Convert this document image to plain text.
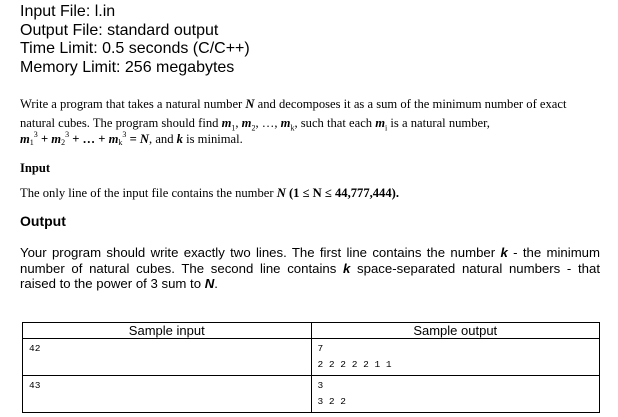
Input File: l.in
Output File: standard output
Time Limit: 0.5 seconds (C/C++)
Memory Limit: 256 megabytes
Write a program that takes a natural number N and decomposes it as a sum of the minimum number of exact natural cubes. The program should find $m_1$, $m_2$, …, $m_k$, such that each $m_i$ is a natural number,
$m_1^3 + m_2^3$ + … + $m_k^3 = N$, and k is minimal.
Input
The only line of the input file contains the number N (1 ≤ N ≤ 44,777,444).
Output
Your program should write exactly two lines. The first line contains the number k - the minimum number of natural cubes. The second line contains k space-separated natural numbers - that raised to the power of 3 sum to N.
Sample input	Sample output

42	7
2 2 2 2 2 1 1

43	3
3 2 2
